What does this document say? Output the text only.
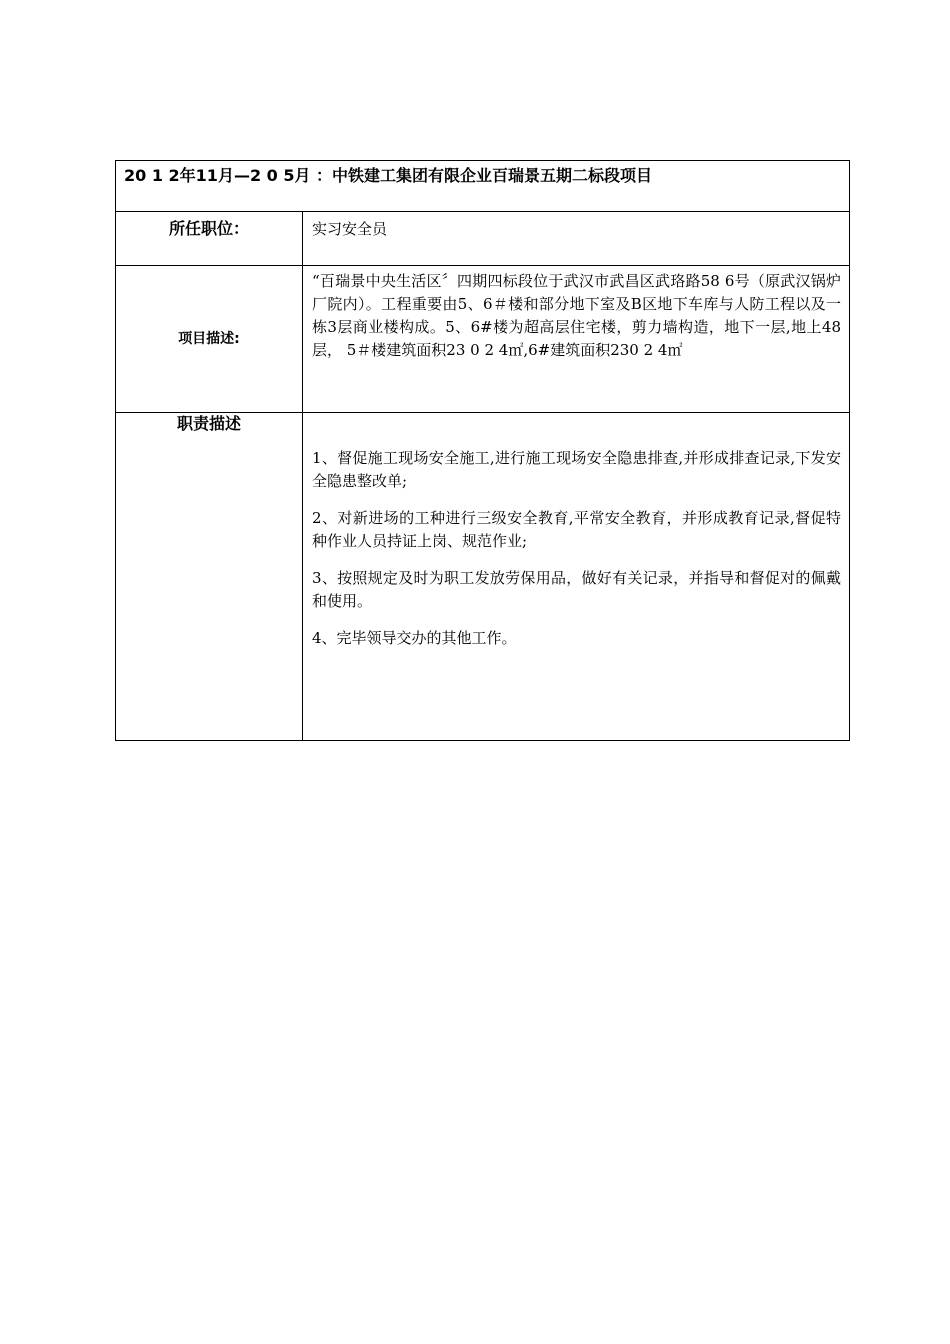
20 1 2年11月—2 0 5月 ：中铁建工集团有限企业百瑞景五期二标段项目	
所任职位：	实习安全员
项目描述:	“百瑞景中央生活区〞四期四标段位于武汉市武昌区武珞路58 6号（原武汉锅炉厂院内）。工程重要由5、6＃楼和部分地下室及B区地下车库与人防工程以及一栋3层商业楼构成。5、6#楼为超高层住宅楼，剪力墙构造，地下一层,地上48层， 5＃楼建筑面积23 0 2 4㎡,6#建筑面积230 2 4㎡
职责描述	1、督促施工现场安全施工,进行施工现场安全隐患排查,并形成排查记录,下发安全隐患整改单;

2、对新进场的工种进行三级安全教育,平常安全教育，并形成教育记录,督促特种作业人员持证上岗、规范作业;

3、按照规定及时为职工发放劳保用品，做好有关记录，并指导和督促对的佩戴和使用。

4、完毕领导交办的其他工作。
